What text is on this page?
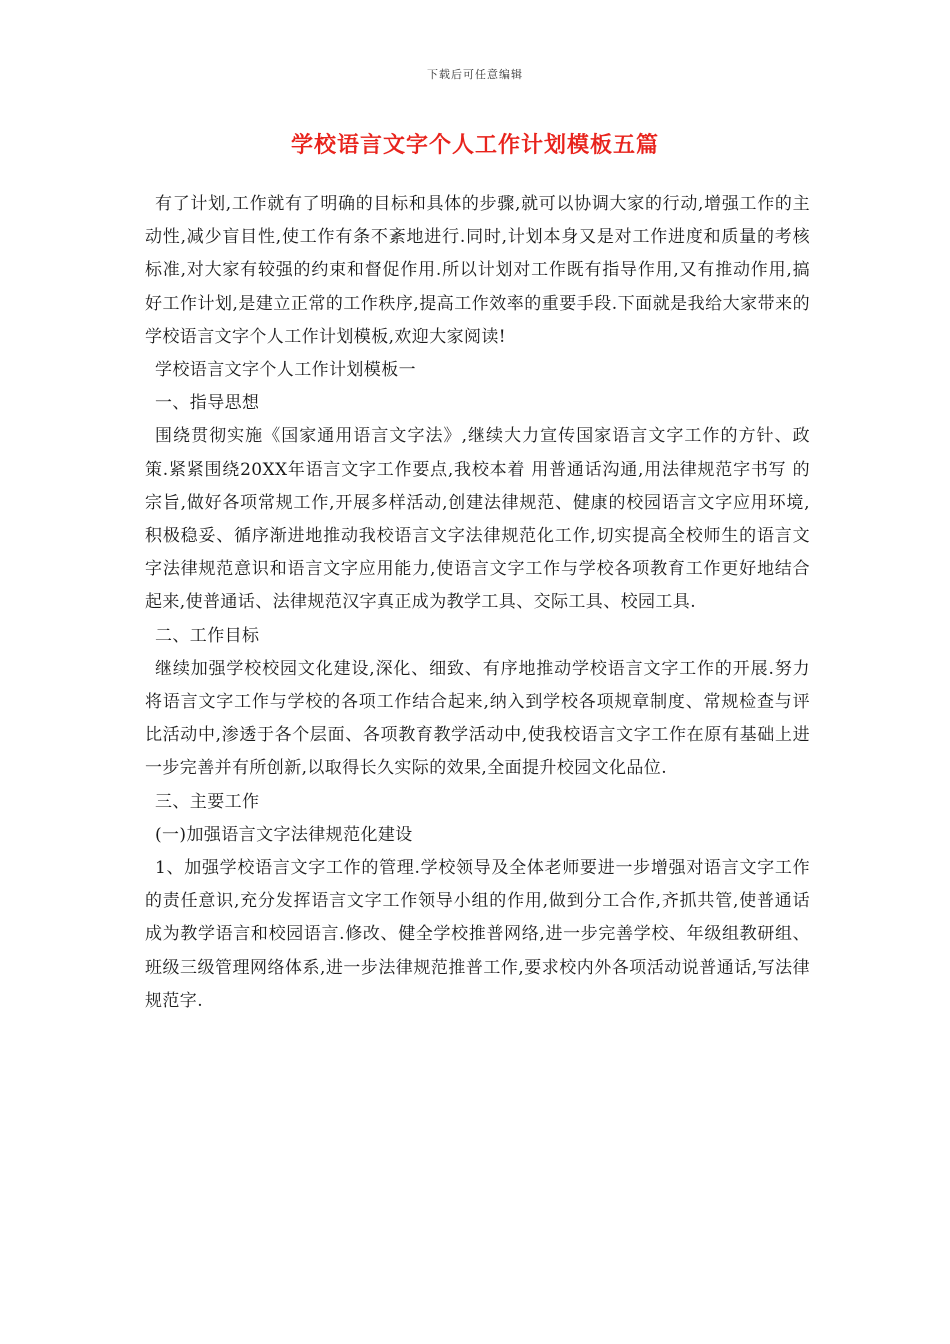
下载后可任意编辑
学校语言文字个人工作计划模板五篇

有了计划,工作就有了明确的目标和具体的步骤,就可以协调大家的行动,增强工作的主动性,减少盲目性,使工作有条不紊地进行.同时,计划本身又是对工作进度和质量的考核标准,对大家有较强的约束和督促作用.所以计划对工作既有指导作用,又有推动作用,搞好工作计划,是建立正常的工作秩序,提高工作效率的重要手段.下面就是我给大家带来的学校语言文字个人工作计划模板,欢迎大家阅读!

学校语言文字个人工作计划模板一

一、指导思想

围绕贯彻实施《国家通用语言文字法》,继续大力宣传国家语言文字工作的方针、政策.紧紧围绕20XX年语言文字工作要点,我校本着 用普通话沟通,用法律规范字书写 的宗旨,做好各项常规工作,开展多样活动,创建法律规范、健康的校园语言文字应用环境,积极稳妥、循序渐进地推动我校语言文字法律规范化工作,切实提高全校师生的语言文字法律规范意识和语言文字应用能力,使语言文字工作与学校各项教育工作更好地结合起来,使普通话、法律规范汉字真正成为教学工具、交际工具、校园工具.

二、工作目标

继续加强学校校园文化建设,深化、细致、有序地推动学校语言文字工作的开展.努力将语言文字工作与学校的各项工作结合起来,纳入到学校各项规章制度、常规检查与评比活动中,渗透于各个层面、各项教育教学活动中,使我校语言文字工作在原有基础上进一步完善并有所创新,以取得长久实际的效果,全面提升校园文化品位.

三、主要工作

(一)加强语言文字法律规范化建设

1、加强学校语言文字工作的管理.学校领导及全体老师要进一步增强对语言文字工作的责任意识,充分发挥语言文字工作领导小组的作用,做到分工合作,齐抓共管,使普通话成为教学语言和校园语言.修改、健全学校推普网络,进一步完善学校、年级组教研组、班级三级管理网络体系,进一步法律规范推普工作,要求校内外各项活动说普通话,写法律规范字.
